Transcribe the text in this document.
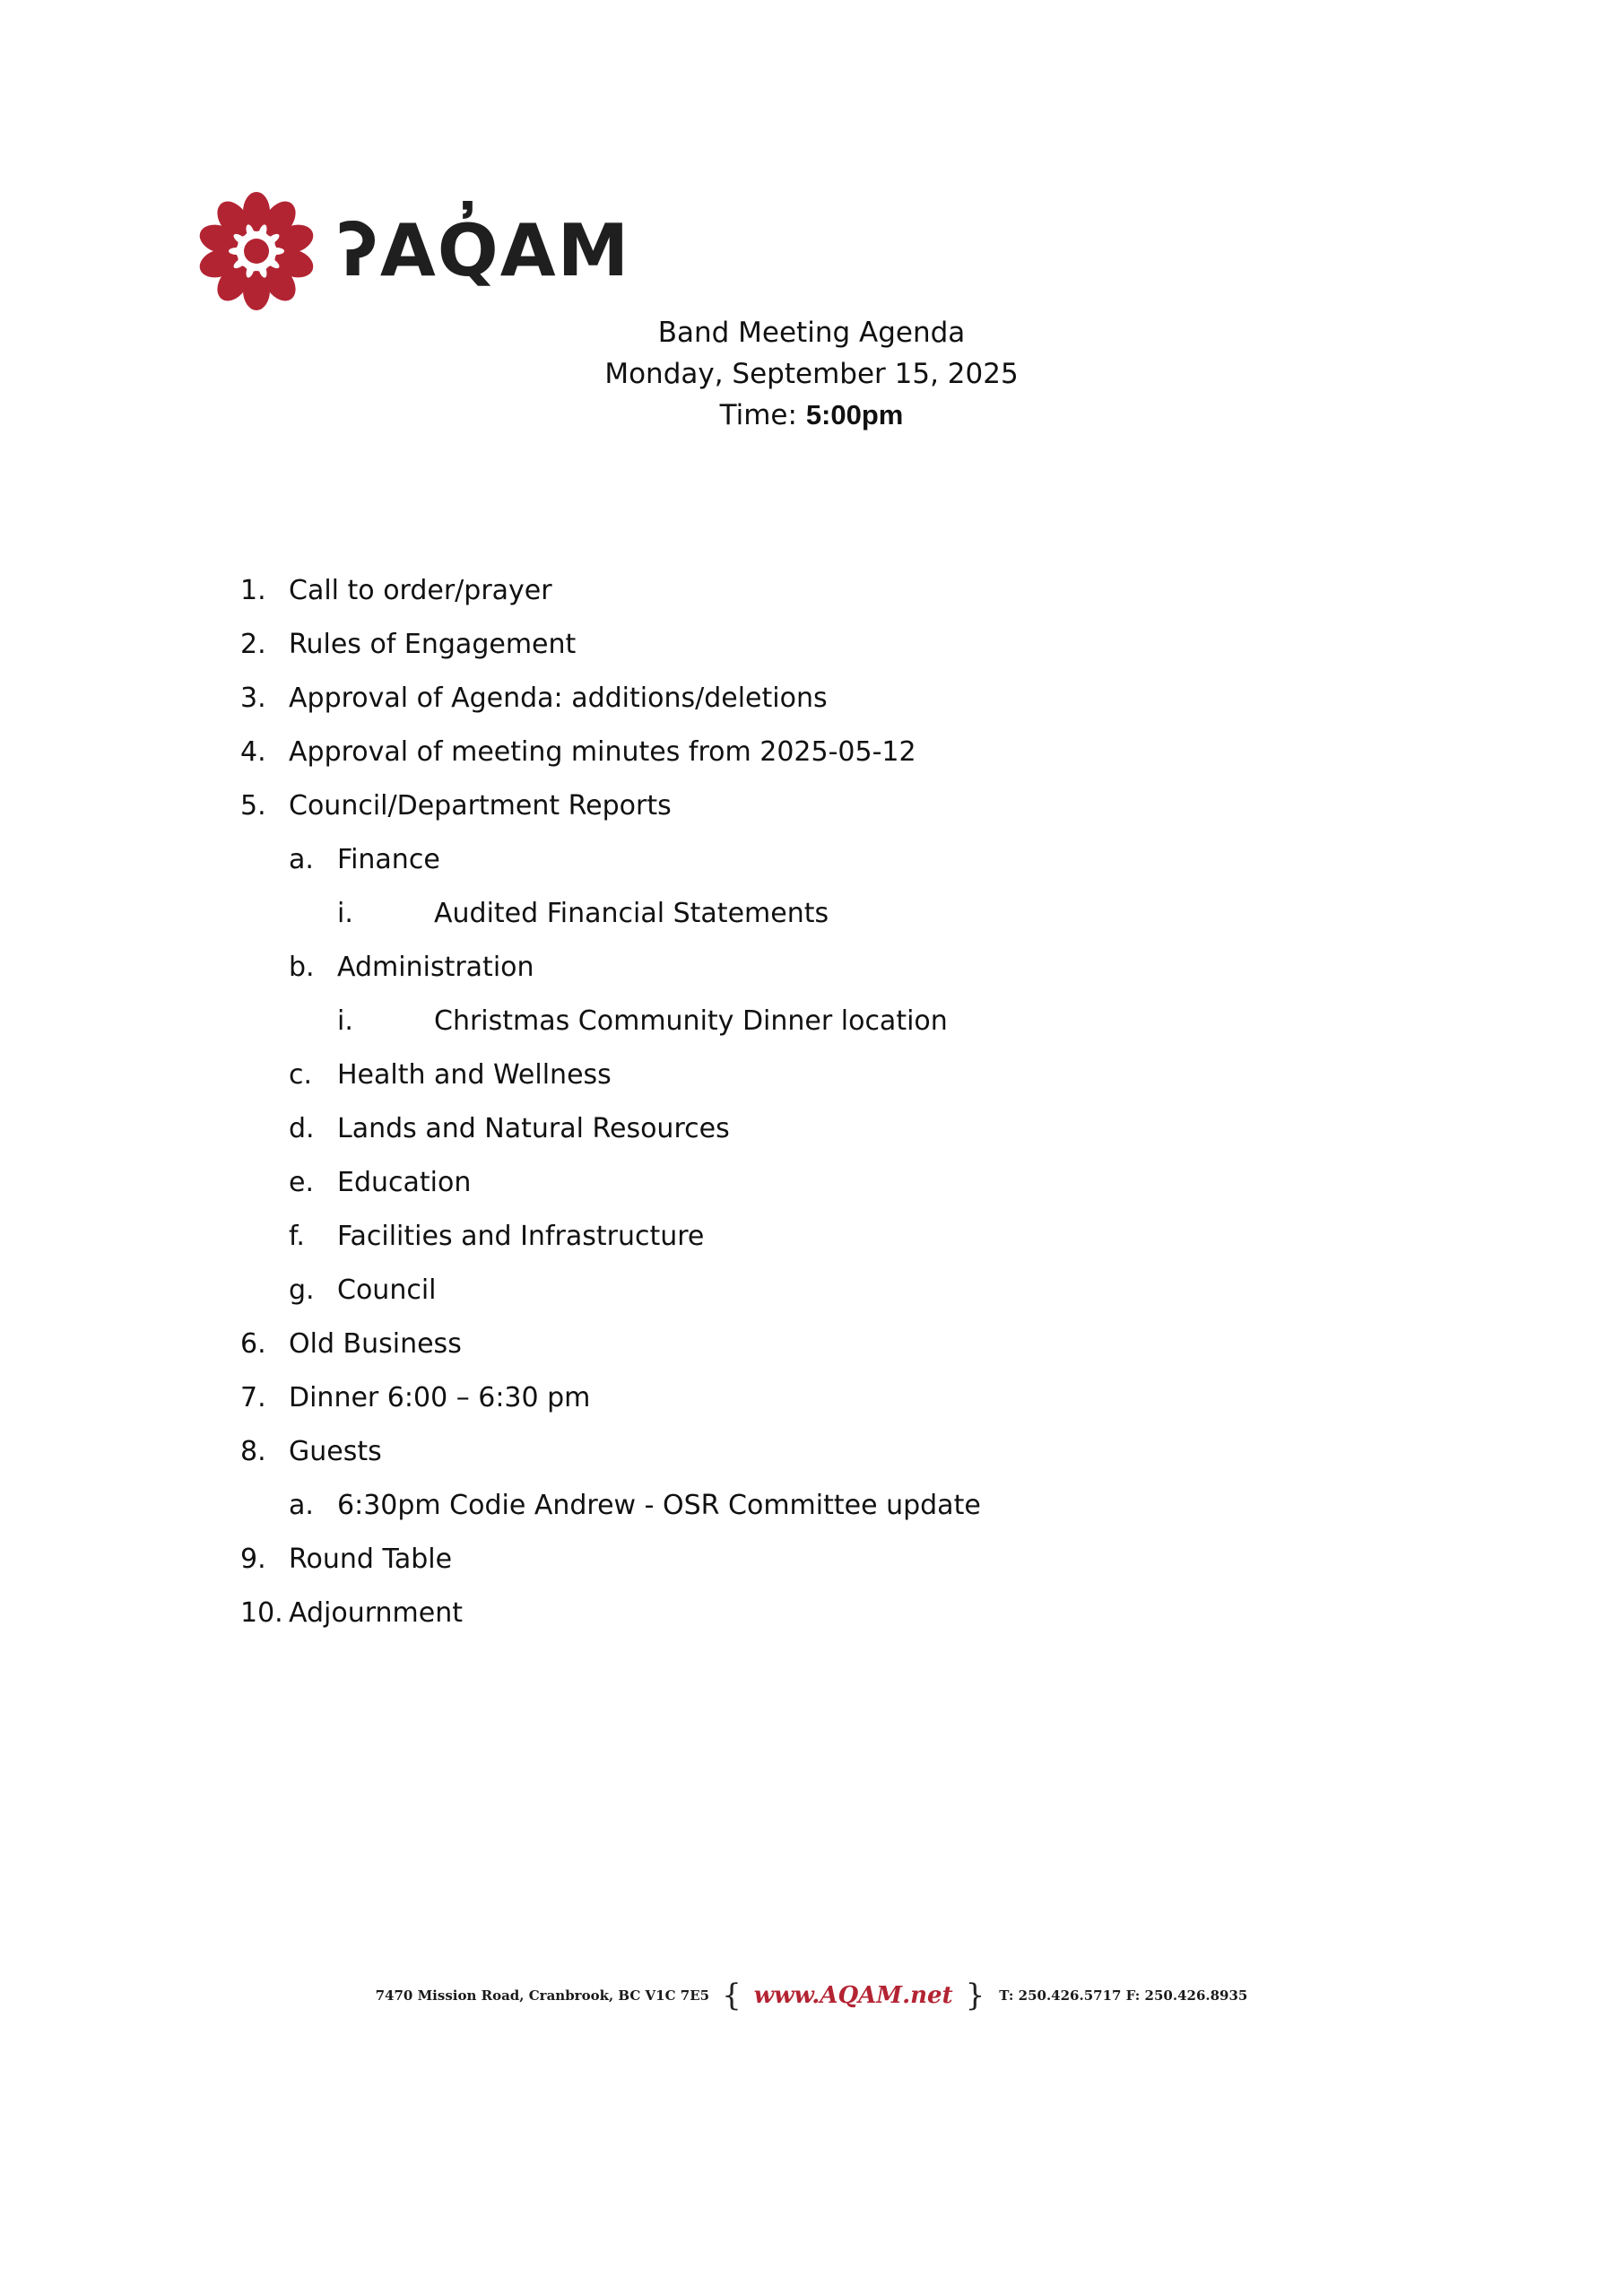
ʔAQ̓AM
Band Meeting Agenda
Monday, September 15, 2025
Time: 5:00pm
1. Call to order/prayer
2. Rules of Engagement
3. Approval of Agenda: additions/deletions
4. Approval of meeting minutes from 2025-05-12
5. Council/Department Reports
a. Finance
i.	Audited Financial Statements
b. Administration
i.	Christmas Community Dinner location
c. Health and Wellness
d. Lands and Natural Resources
e. Education
f. Facilities and Infrastructure
g. Council
6. Old Business
7. Dinner 6:00 – 6:30 pm
8. Guests
a. 6:30pm Codie Andrew - OSR Committee update
9. Round Table
10. Adjournment
7470 Mission Road, Cranbrook, BC V1C 7E5 { www.AQAM.net } T: 250.426.5717 F: 250.426.8935
